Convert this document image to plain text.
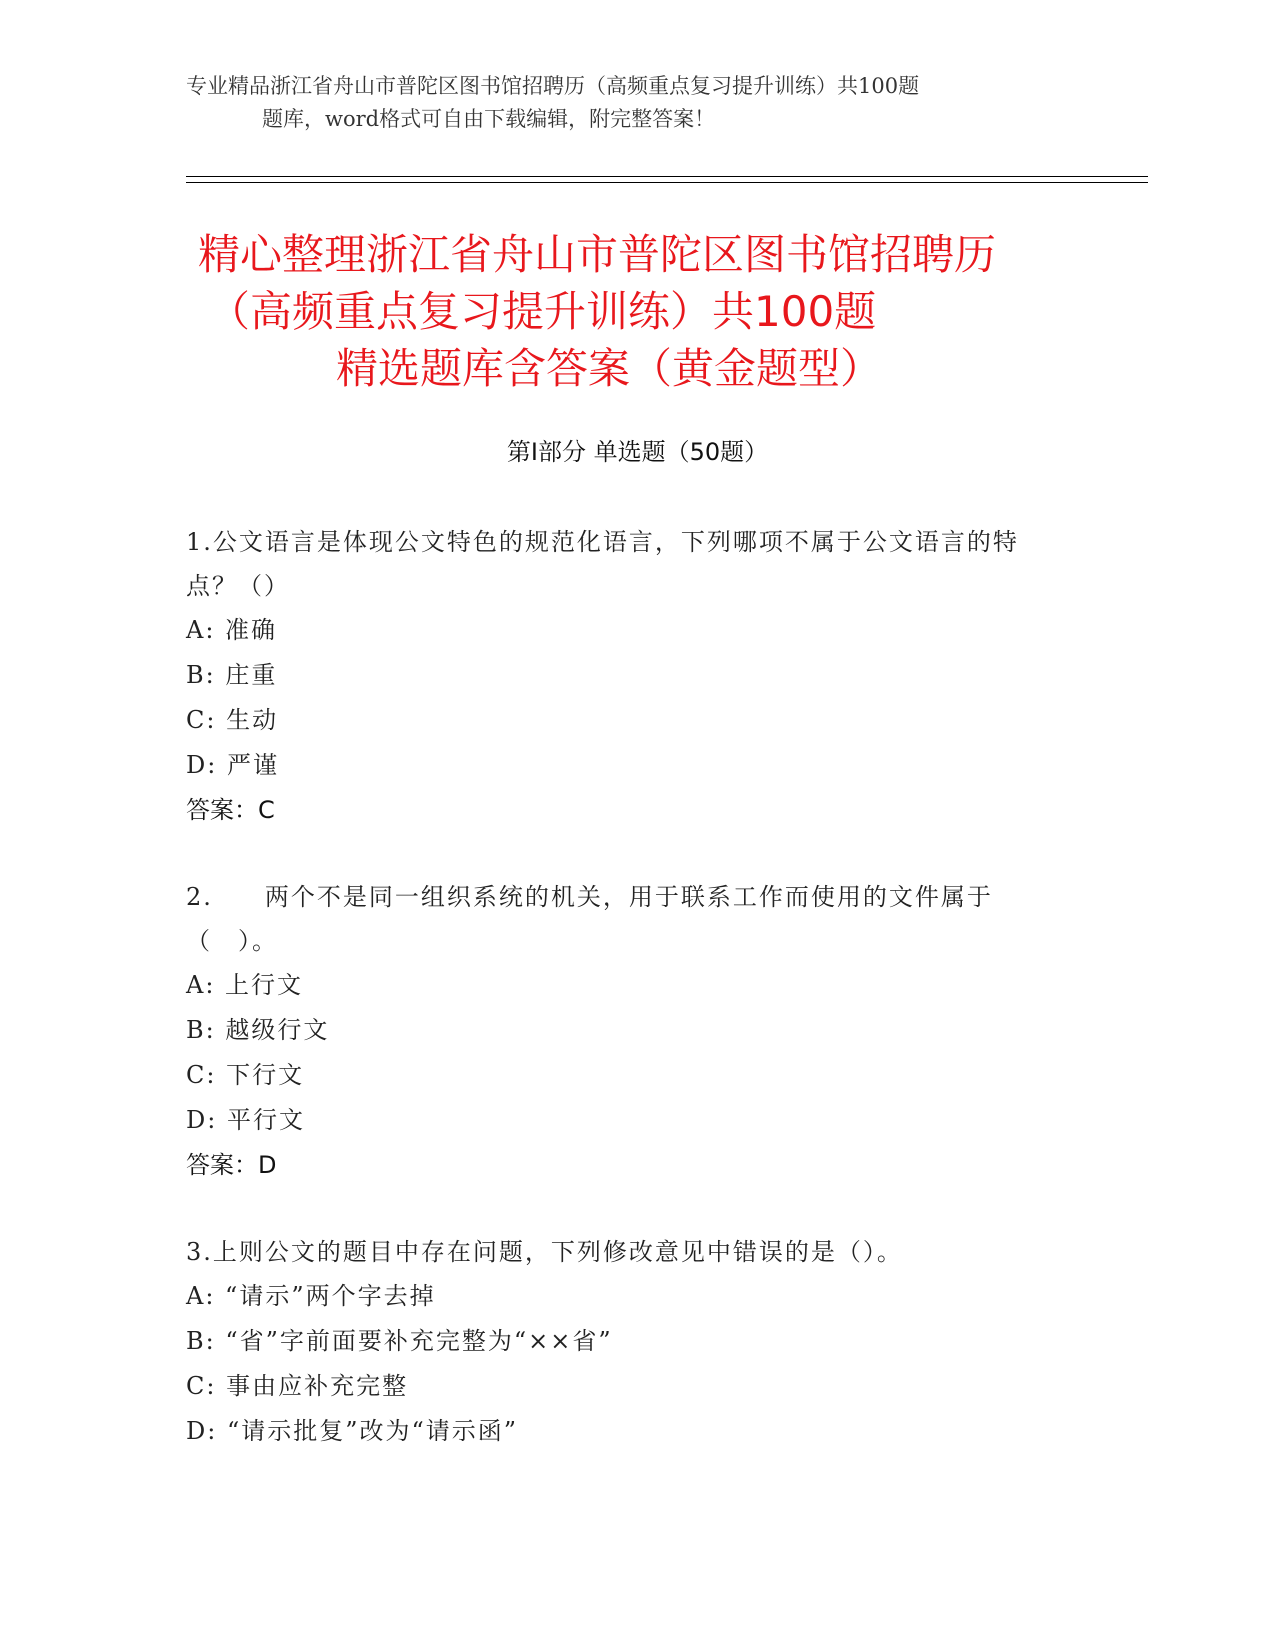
专业精品浙江省舟山市普陀区图书馆招聘历（高频重点复习提升训练）共100题
题库，word格式可自由下载编辑，附完整答案！
精心整理浙江省舟山市普陀区图书馆招聘历
（高频重点复习提升训练）共100题
精选题库含答案（黄金题型）
第Ⅰ部分 单选题（50题）
1.公文语言是体现公文特色的规范化语言，下列哪项不属于公文语言的特点？（）
A: 准确
B: 庄重
C: 生动
D: 严谨
答案：C
2.　　两个不是同一组织系统的机关，用于联系工作而使用的文件属于（　）。
A: 上行文
B: 越级行文
C: 下行文
D: 平行文
答案：D
3.上则公文的题目中存在问题，下列修改意见中错误的是（）。
A: “请示”两个字去掉
B: “省”字前面要补充完整为“××省”
C: 事由应补充完整
D: “请示批复”改为“请示函”
